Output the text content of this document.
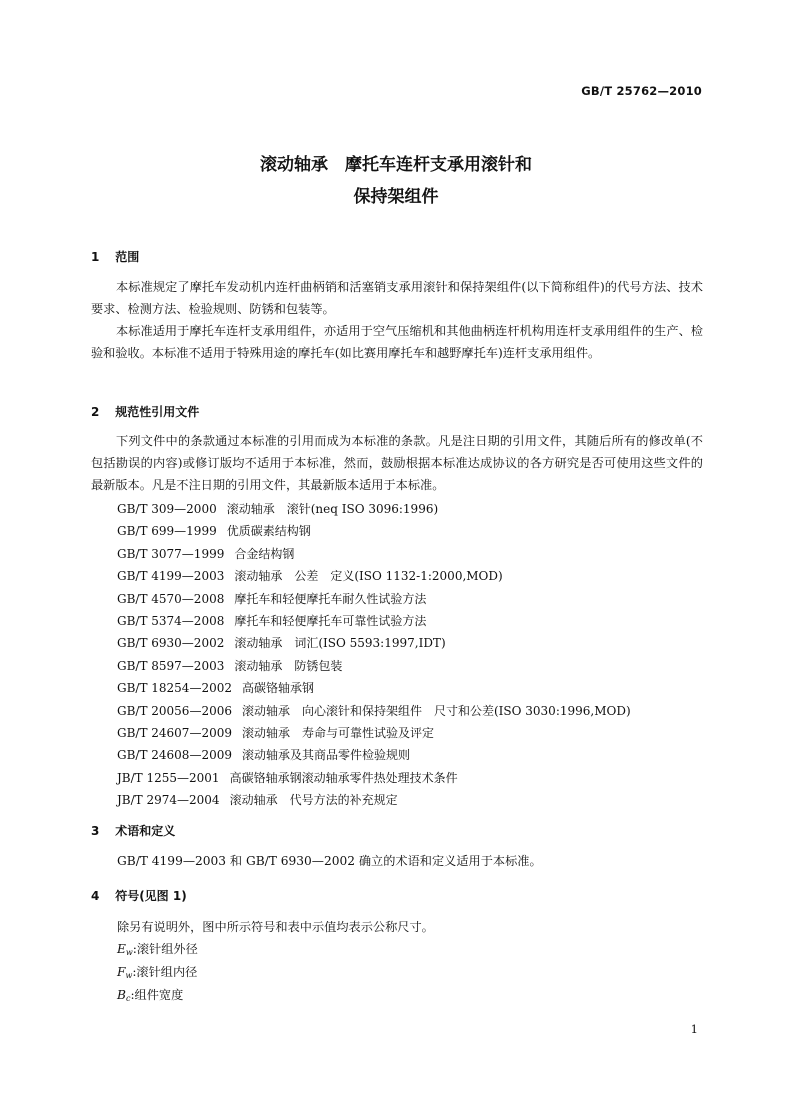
GB/T 25762—2010
滚动轴承　摩托车连杆支承用滚针和
保持架组件
1 范围

本标准规定了摩托车发动机内连杆曲柄销和活塞销支承用滚针和保持架组件(以下简称组件)的代号方法、技术要求、检测方法、检验规则、防锈和包装等。

本标准适用于摩托车连杆支承用组件，亦适用于空气压缩机和其他曲柄连杆机构用连杆支承用组件的生产、检验和验收。本标准不适用于特殊用途的摩托车(如比赛用摩托车和越野摩托车)连杆支承用组件。

2 规范性引用文件

下列文件中的条款通过本标准的引用而成为本标准的条款。凡是注日期的引用文件，其随后所有的修改单(不包括勘误的内容)或修订版均不适用于本标准，然而，鼓励根据本标准达成协议的各方研究是否可使用这些文件的最新版本。凡是不注日期的引用文件，其最新版本适用于本标准。

GB/T 309—2000 滚动轴承　滚针(neq ISO 3096:1996)
GB/T 699—1999 优质碳素结构钢
GB/T 3077—1999 合金结构钢
GB/T 4199—2003 滚动轴承　公差　定义(ISO 1132-1:2000,MOD)
GB/T 4570—2008 摩托车和轻便摩托车耐久性试验方法
GB/T 5374—2008 摩托车和轻便摩托车可靠性试验方法
GB/T 6930—2002 滚动轴承　词汇(ISO 5593:1997,IDT)
GB/T 8597—2003 滚动轴承　防锈包装
GB/T 18254—2002 高碳铬轴承钢
GB/T 20056—2006 滚动轴承　向心滚针和保持架组件　尺寸和公差(ISO 3030:1996,MOD)
GB/T 24607—2009 滚动轴承　寿命与可靠性试验及评定
GB/T 24608—2009 滚动轴承及其商品零件检验规则
JB/T 1255—2001 高碳铬轴承钢滚动轴承零件热处理技术条件
JB/T 2974—2004 滚动轴承　代号方法的补充规定
3 术语和定义
GB/T 4199—2003 和 GB/T 6930—2002 确立的术语和定义适用于本标准。
4 符号(见图 1)
除另有说明外，图中所示符号和表中示值均表示公称尺寸。
$E_w$:滚针组外径
$F_w$:滚针组内径
$B_c$:组件宽度
1
